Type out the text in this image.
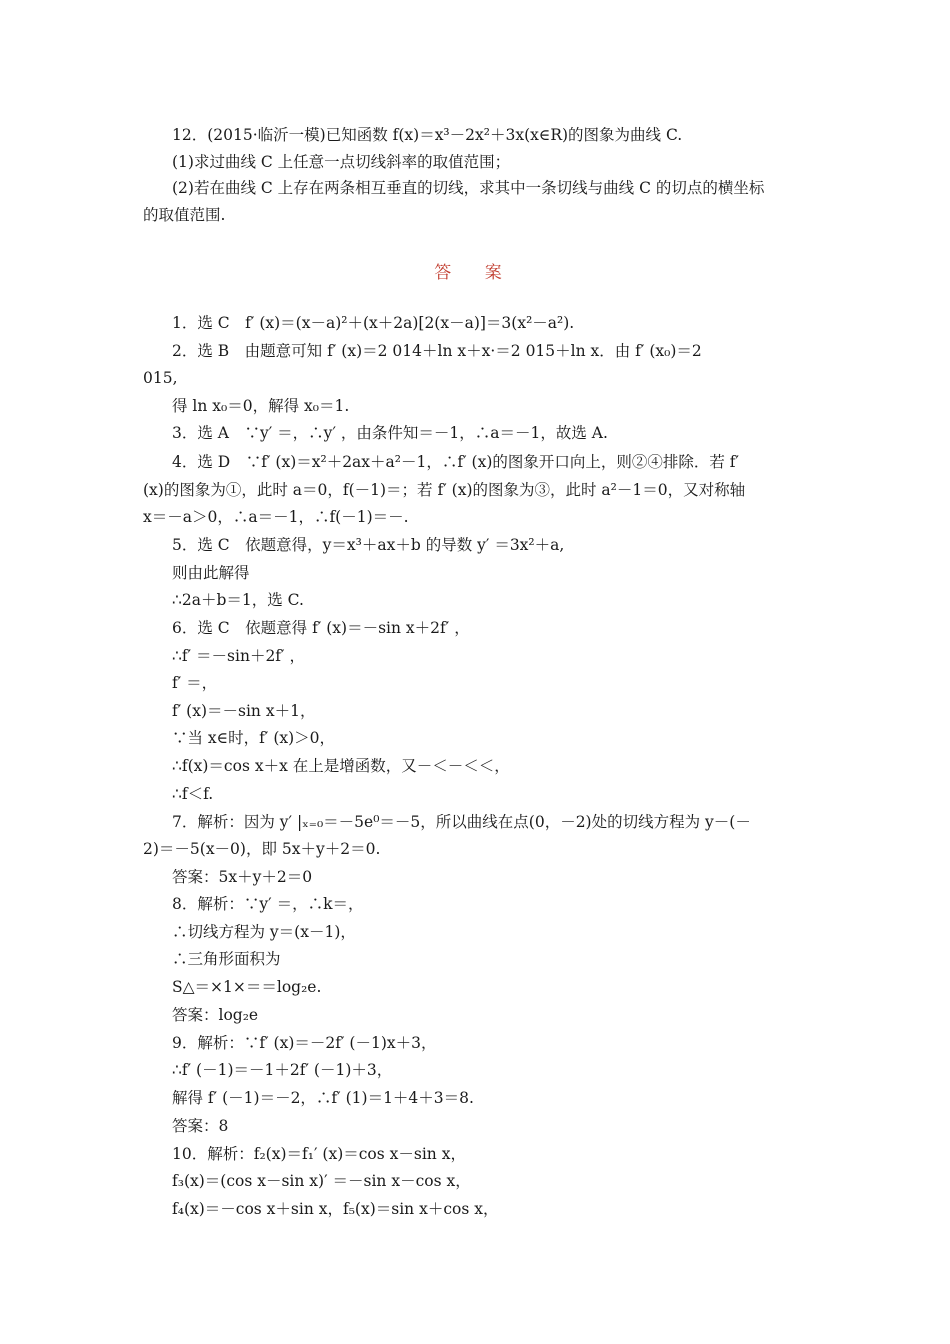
12．(2015·临沂一模)已知函数 f(x)＝x³－2x²＋3x(x∈R)的图象为曲线 C.
(1)求过曲线 C 上任意一点切线斜率的取值范围；
(2)若在曲线 C 上存在两条相互垂直的切线，求其中一条切线与曲线 C 的切点的横坐标
的取值范围.
答 案
1．选 C　f′ (x)＝(x－a)²＋(x＋2a)[2(x－a)]＝3(x²－a²).
2．选 B　由题意可知 f′ (x)＝2 014＋ln x＋x·＝2 015＋ln x．由 f′ (x₀)＝2
015,
得 ln x₀＝0，解得 x₀＝1.
3．选 A　∵y′ ＝，∴y′ ，由条件知＝－1，∴a＝－1，故选 A.
4．选 D　∵f′ (x)＝x²＋2ax＋a²－1，∴f′ (x)的图象开口向上，则②④排除．若 f′
(x)的图象为①，此时 a＝0，f(－1)＝；若 f′ (x)的图象为③，此时 a²－1＝0，又对称轴
x＝－a＞0，∴a＝－1，∴f(－1)＝－.
5．选 C　依题意得，y＝x³＋ax＋b 的导数 y′ ＝3x²＋a,
则由此解得
∴2a＋b＝1，选 C.
6．选 C　依题意得 f′ (x)＝－sin x＋2f′ ，
∴f′ ＝－sin＋2f′ ，
f′ ＝，
f′ (x)＝－sin x＋1，
∵当 x∈时，f′ (x)＞0，
∴f(x)＝cos x＋x 在上是增函数，又－＜－＜＜，
∴f＜f.
7．解析：因为 y′ |ₓ₌₀＝－5e⁰＝－5，所以曲线在点(0，－2)处的切线方程为 y－(－
2)＝－5(x－0)，即 5x＋y＋2＝0.
答案：5x＋y＋2＝0
8．解析：∵y′ ＝，∴k＝，
∴切线方程为 y＝(x－1)，
∴三角形面积为
S△＝×1×＝＝log₂e.
答案：log₂e
9．解析：∵f′ (x)＝－2f′ (－1)x＋3，
∴f′ (－1)＝－1＋2f′ (－1)＋3，
解得 f′ (－1)＝－2，∴f′ (1)＝1＋4＋3＝8.
答案：8
10．解析：f₂(x)＝f₁′ (x)＝cos x－sin x，
f₃(x)＝(cos x－sin x)′ ＝－sin x－cos x，
f₄(x)＝－cos x＋sin x，f₅(x)＝sin x＋cos x，
